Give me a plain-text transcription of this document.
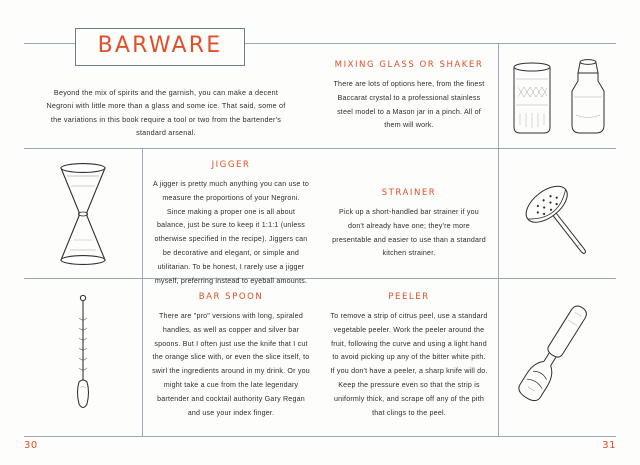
BARWARE
Beyond the mix of spirits and the garnish, you can make a decent Negroni with little more than a glass and some ice. That said, some of the variations in this book require a tool or two from the bartender's standard arsenal.
JIGGER
A jigger is pretty much anything you can use to measure the proportions of your Negroni. Since making a proper one is all about balance, just be sure to keep it 1:1:1 (unless otherwise specified in the recipe). Jiggers can be decorative and elegant, or simple and utilitarian. To be honest, I rarely use a jigger myself, preferring instead to eyeball amounts.
BAR SPOON
There are "pro" versions with long, spiraled handles, as well as copper and silver bar spoons. But I often just use the knife that I cut the orange slice with, or even the slice itself, to swirl the ingredients around in my drink. Or you might take a cue from the late legendary bartender and cocktail authority Gary Regan and use your index finger.
30
MIXING GLASS OR SHAKER
There are lots of options here, from the finest Baccarat crystal to a professional stainless steel model to a Mason jar in a pinch. All of them will work.
STRAINER
Pick up a short-handled bar strainer if you don't already have one; they're more presentable and easier to use than a standard kitchen strainer.
PEELER
To remove a strip of citrus peel, use a standard vegetable peeler. Work the peeler around the fruit, following the curve and using a light hand to avoid picking up any of the bitter white pith. If you don't have a peeler, a sharp knife will do. Keep the pressure even so that the strip is uniformly thick, and scrape off any of the pith that clings to the peel.
31
